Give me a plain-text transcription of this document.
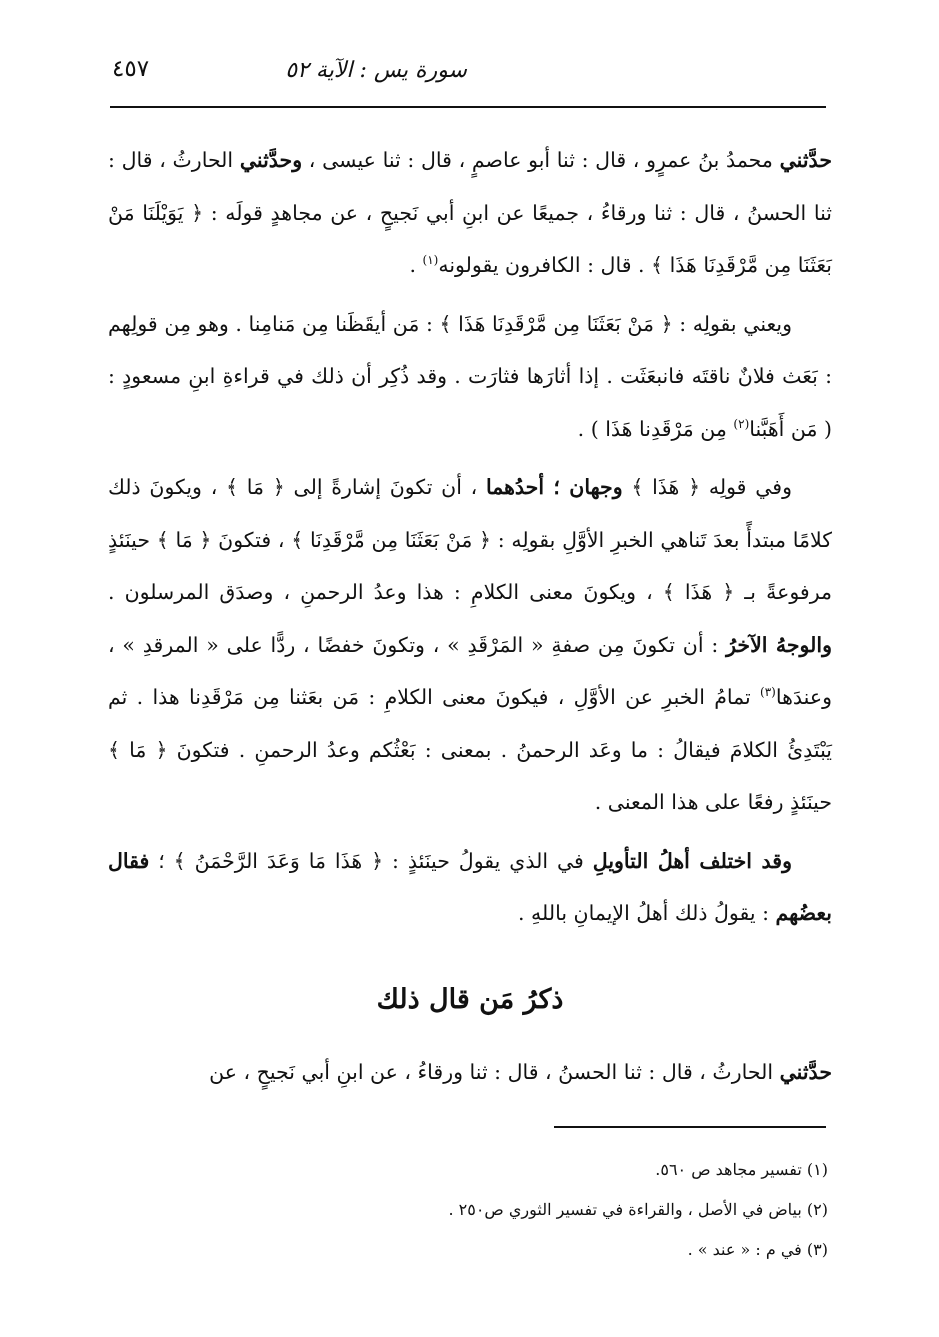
سورة يس : الآية ٥٢
٤٥٧

حدَّثني محمدُ بنُ عمرٍو ، قال : ثنا أبو عاصمٍ ، قال : ثنا عيسى ، وحدَّثني الحارثُ ، قال : ثنا الحسنُ ، قال : ثنا ورقاءُ ، جميعًا عن ابنِ أبي نَجيحٍ ، عن مجاهدٍ قولَه : ﴿ يَوَيْلَنَا مَنْ بَعَثَنَا مِن مَّرْقَدِنَا هَذَا ﴾ . قال : الكافرون يقولونه$^{(١)}$ .

ويعني بقولِه : ﴿ مَنْ بَعَثَنَا مِن مَّرْقَدِنَا هَذَا ﴾ : مَن أيقَظَنا مِن مَنامِنا . وهو مِن قولِهم : بَعَث فلانٌ ناقتَه فانبعَثَت . إذا أثارَها فثارَت . وقد ذُكِر أن ذلك في قراءةِ ابنِ مسعودٍ : ( مَن أَهَبَّنا$^{(٢)}$ مِن مَرْقَدِنا هَذَا ) .

وفي قولِه ﴿ هَذَا ﴾ وجهان ؛ أحدُهما ، أن تكونَ إشارةً إلى ﴿ مَا ﴾ ، ويكونَ ذلك كلامًا مبتدأً بعدَ تَناهي الخبرِ الأوَّلِ بقولِه : ﴿ مَنْ بَعَثَنَا مِن مَّرْقَدِنَا ﴾ ، فتكونَ ﴿ مَا ﴾ حينَئذٍ مرفوعةً بـ ﴿ هَذَا ﴾ ، ويكونَ معنى الكلامِ : هذا وعدُ الرحمنِ ، وصدَق المرسلون . والوجهُ الآخرُ : أن تكونَ مِن صفةِ « المَرْقَدِ » ، وتكونَ خفضًا ، ردًّا على « المرقدِ » ، وعندَها$^{(٣)}$ تمامُ الخبرِ عن الأوَّلِ ، فيكونَ معنى الكلامِ : مَن بعَثنا مِن مَرْقَدِنا هذا . ثم يَبْتَدِئُ الكلامَ فيقالُ : ما وعَد الرحمنُ . بمعنى : بَعْثُكم وعدُ الرحمنِ . فتكونَ ﴿ مَا ﴾ حينَئذٍ رفعًا على هذا المعنى .

وقد اختلف أهلُ التأويلِ في الذي يقولُ حينَئذٍ : ﴿ هَذَا مَا وَعَدَ الرَّحْمَنُ ﴾ ؛ فقال بعضُهم : يقولُ ذلك أهلُ الإيمانِ باللهِ .

ذكرُ مَن قال ذلك
حدَّثني الحارثُ ، قال : ثنا الحسنُ ، قال : ثنا ورقاءُ ، عن ابنِ أبي نَجيحٍ ، عن

(١) تفسير مجاهد ص ٥٦٠.

(٢) بياض في الأصل ، والقراءة في تفسير الثوري ص٢٥٠ .

(٣) في م : « عند » .
